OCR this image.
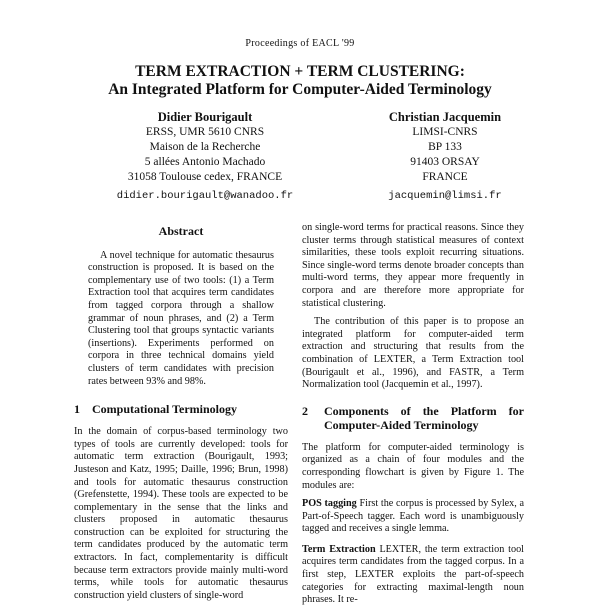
Proceedings of EACL '99
TERM EXTRACTION + TERM CLUSTERING:
An Integrated Platform for Computer-Aided Terminology
Didier Bourigault
ERSS, UMR 5610 CNRS
Maison de la Recherche
5 allées Antonio Machado
31058 Toulouse cedex, FRANCE
didier.bourigault@wanadoo.fr
Christian Jacquemin
LIMSI-CNRS
BP 133
91403 ORSAY
FRANCE
jacquemin@limsi.fr
Abstract

A novel technique for automatic thesaurus construction is proposed. It is based on the complementary use of two tools: (1) a Term Extraction tool that acquires term candidates from tagged corpora through a shallow grammar of noun phrases, and (2) a Term Clustering tool that groups syntactic variants (insertions). Experiments performed on corpora in three technical domains yield clusters of term candidates with precision rates between 93% and 98%.

1 Computational Terminology

In the domain of corpus-based terminology two types of tools are currently developed: tools for automatic term extraction (Bourigault, 1993; Justeson and Katz, 1995; Daille, 1996; Brun, 1998) and tools for automatic thesaurus construction (Grefenstette, 1994). These tools are expected to be complementary in the sense that the links and clusters proposed in automatic thesaurus construction can be exploited for structuring the term candidates produced by the automatic term extractors. In fact, complementarity is difficult because term extractors provide mainly multi-word terms, while tools for automatic thesaurus construction yield clusters of single-word

on single-word terms for practical reasons. Since they cluster terms through statistical measures of context similarities, these tools exploit recurring situations. Since single-word terms denote broader concepts than multi-word terms, they appear more frequently in corpora and are therefore more appropriate for statistical clustering.

The contribution of this paper is to propose an integrated platform for computer-aided term extraction and structuring that results from the combination of LEXTER, a Term Extraction tool (Bourigault et al., 1996), and FASTR, a Term Normalization tool (Jacquemin et al., 1997).

2	Components of the Platform for Computer-Aided Terminology

The platform for computer-aided terminology is organized as a chain of four modules and the corresponding flowchart is given by Figure 1. The modules are:

POS tagging First the corpus is processed by Sylex, a Part-of-Speech tagger. Each word is unambiguously tagged and receives a single lemma.
Term Extraction LEXTER, the term extraction tool acquires term candidates from the tagged corpus. In a first step, LEXTER exploits the part-of-speech categories for extracting maximal-length noun phrases. It re-
